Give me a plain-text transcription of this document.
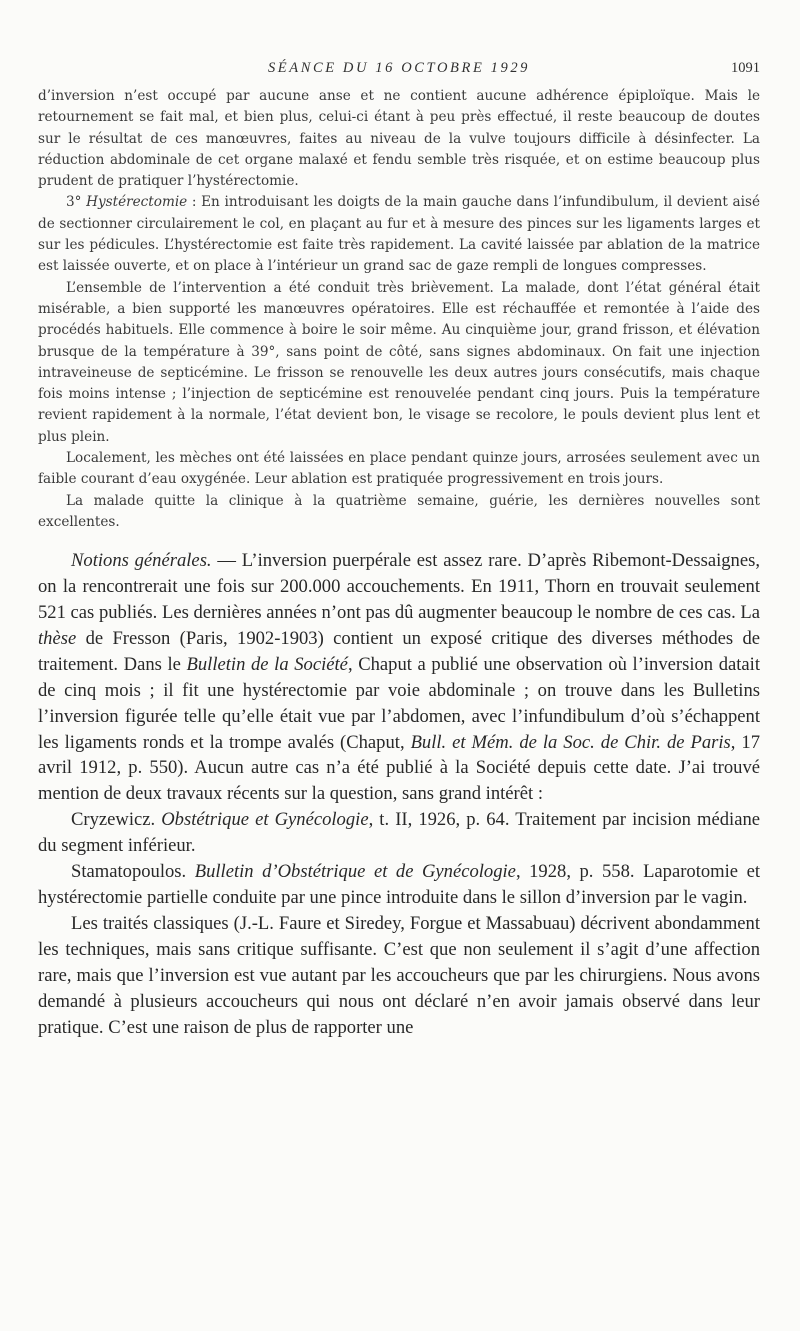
SÉANCE DU 16 OCTOBRE 1929	1091

d’inversion n’est occupé par aucune anse et ne contient aucune adhérence épiploïque. Mais le retournement se fait mal, et bien plus, celui-ci étant à peu près effectué, il reste beaucoup de doutes sur le résultat de ces manœuvres, faites au niveau de la vulve toujours difficile à désinfecter. La réduction abdominale de cet organe malaxé et fendu semble très risquée, et on estime beaucoup plus prudent de pratiquer l’hystérectomie.

3° Hystérectomie : En introduisant les doigts de la main gauche dans l’infundibulum, il devient aisé de sectionner circulairement le col, en plaçant au fur et à mesure des pinces sur les ligaments larges et sur les pédicules. L’hystérectomie est faite très rapidement. La cavité laissée par ablation de la matrice est laissée ouverte, et on place à l’intérieur un grand sac de gaze rempli de longues compresses.

L’ensemble de l’intervention a été conduit très brièvement. La malade, dont l’état général était misérable, a bien supporté les manœuvres opératoires. Elle est réchauffée et remontée à l’aide des procédés habituels. Elle commence à boire le soir même. Au cinquième jour, grand frisson, et élévation brusque de la température à 39°, sans point de côté, sans signes abdominaux. On fait une injection intraveineuse de septicémine. Le frisson se renouvelle les deux autres jours consécutifs, mais chaque fois moins intense ; l’injection de septicémine est renouvelée pendant cinq jours. Puis la température revient rapidement à la normale, l’état devient bon, le visage se recolore, le pouls devient plus lent et plus plein.

Localement, les mèches ont été laissées en place pendant quinze jours, arrosées seulement avec un faible courant d’eau oxygénée. Leur ablation est pratiquée progressivement en trois jours.

La malade quitte la clinique à la quatrième semaine, guérie, les dernières nouvelles sont excellentes.

Notions générales. — L’inversion puerpérale est assez rare. D’après Ribemont-Dessaignes, on la rencontrerait une fois sur 200.000 accouchements. En 1911, Thorn en trouvait seulement 521 cas publiés. Les dernières années n’ont pas dû augmenter beaucoup le nombre de ces cas. La thèse de Fresson (Paris, 1902-1903) contient un exposé critique des diverses méthodes de traitement. Dans le Bulletin de la Société, Chaput a publié une observation où l’inversion datait de cinq mois ; il fit une hystérectomie par voie abdominale ; on trouve dans les Bulletins l’inversion figurée telle qu’elle était vue par l’abdomen, avec l’infundibulum d’où s’échappent les ligaments ronds et la trompe avalés (Chaput, Bull. et Mém. de la Soc. de Chir. de Paris, 17 avril 1912, p. 550). Aucun autre cas n’a été publié à la Société depuis cette date. J’ai trouvé mention de deux travaux récents sur la question, sans grand intérêt :

Cryzewicz. Obstétrique et Gynécologie, t. II, 1926, p. 64. Traitement par incision médiane du segment inférieur.

Stamatopoulos. Bulletin d’Obstétrique et de Gynécologie, 1928, p. 558. Laparotomie et hystérectomie partielle conduite par une pince introduite dans le sillon d’inversion par le vagin.

Les traités classiques (J.-L. Faure et Siredey, Forgue et Massabuau) décrivent abondamment les techniques, mais sans critique suffisante. C’est que non seulement il s’agit d’une affection rare, mais que l’inversion est vue autant par les accoucheurs que par les chirurgiens. Nous avons demandé à plusieurs accoucheurs qui nous ont déclaré n’en avoir jamais observé dans leur pratique. C’est une raison de plus de rapporter une
